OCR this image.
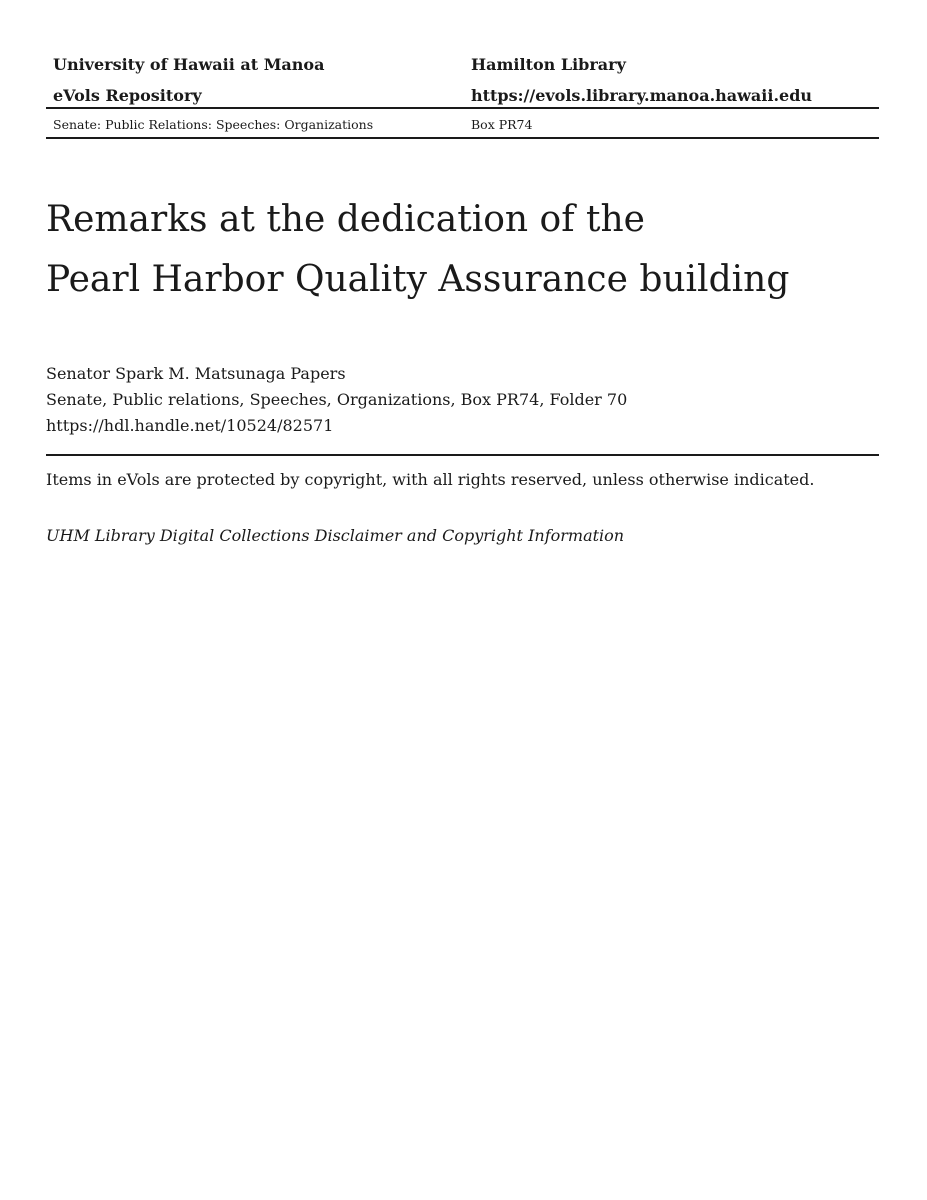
University of Hawaii at Manoa	Hamilton Library
eVols Repository	https://evols.library.manoa.hawaii.edu
Senate: Public Relations: Speeches: Organizations	Box PR74
Remarks at the dedication of the
Pearl Harbor Quality Assurance building
Senator Spark M. Matsunaga Papers
Senate, Public relations, Speeches, Organizations, Box PR74, Folder 70
https://hdl.handle.net/10524/82571
Items in eVols are protected by copyright, with all rights reserved, unless otherwise indicated.
UHM Library Digital Collections Disclaimer and Copyright Information
